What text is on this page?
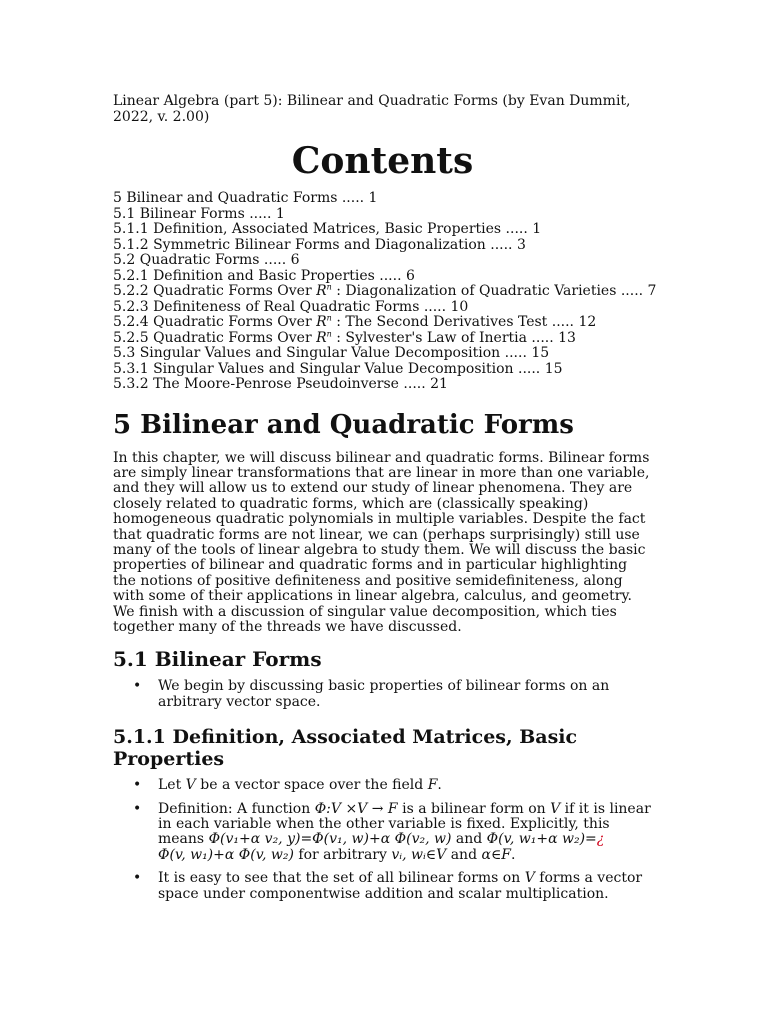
Linear Algebra (part 5): Bilinear and Quadratic Forms (by Evan Dummit, 2022, v. 2.00)
Contents
5 Bilinear and Quadratic Forms ..... 1
5.1 Bilinear Forms ..... 1
5.1.1 Definition, Associated Matrices, Basic Properties ..... 1
5.1.2 Symmetric Bilinear Forms and Diagonalization ..... 3
5.2 Quadratic Forms ..... 6
5.2.1 Definition and Basic Properties ..... 6
5.2.2 Quadratic Forms Over $R^n$ : Diagonalization of Quadratic Varieties ..... 7
5.2.3 Definiteness of Real Quadratic Forms ..... 10
5.2.4 Quadratic Forms Over $R^n$ : The Second Derivatives Test ..... 12
5.2.5 Quadratic Forms Over $R^n$ : Sylvester's Law of Inertia ..... 13
5.3 Singular Values and Singular Value Decomposition ..... 15
5.3.1 Singular Values and Singular Value Decomposition ..... 15
5.3.2 The Moore-Penrose Pseudoinverse ..... 21
5 Bilinear and Quadratic Forms

In this chapter, we will discuss bilinear and quadratic forms. Bilinear forms are simply linear transformations that are linear in more than one variable, and they will allow us to extend our study of linear phenomena. They are closely related to quadratic forms, which are (classically speaking) homogeneous quadratic polynomials in multiple variables. Despite the fact that quadratic forms are not linear, we can (perhaps surprisingly) still use many of the tools of linear algebra to study them. We will discuss the basic properties of bilinear and quadratic forms and in particular highlighting the notions of positive definiteness and positive semidefiniteness, along with some of their applications in linear algebra, calculus, and geometry. We finish with a discussion of singular value decomposition, which ties together many of the threads we have discussed.

5.1 Bilinear Forms
• We begin by discussing basic properties of bilinear forms on an arbitrary vector space.
5.1.1 Definition, Associated Matrices, Basic Properties
• Let V be a vector space over the field F.
• Definition: A function Φ:V ×V → F is a bilinear form on V if it is linear in each variable when the other variable is fixed. Explicitly, this means Φ(v₁+α v₂, y)=Φ(v₁, w)+α Φ(v₂, w) and Φ(v, w₁+α w₂)=¿
Φ(v, w₁)+α Φ(v, w₂) for arbitrary vᵢ, wᵢ∈V and α∈F.
• It is easy to see that the set of all bilinear forms on V forms a vector space under componentwise addition and scalar multiplication.
